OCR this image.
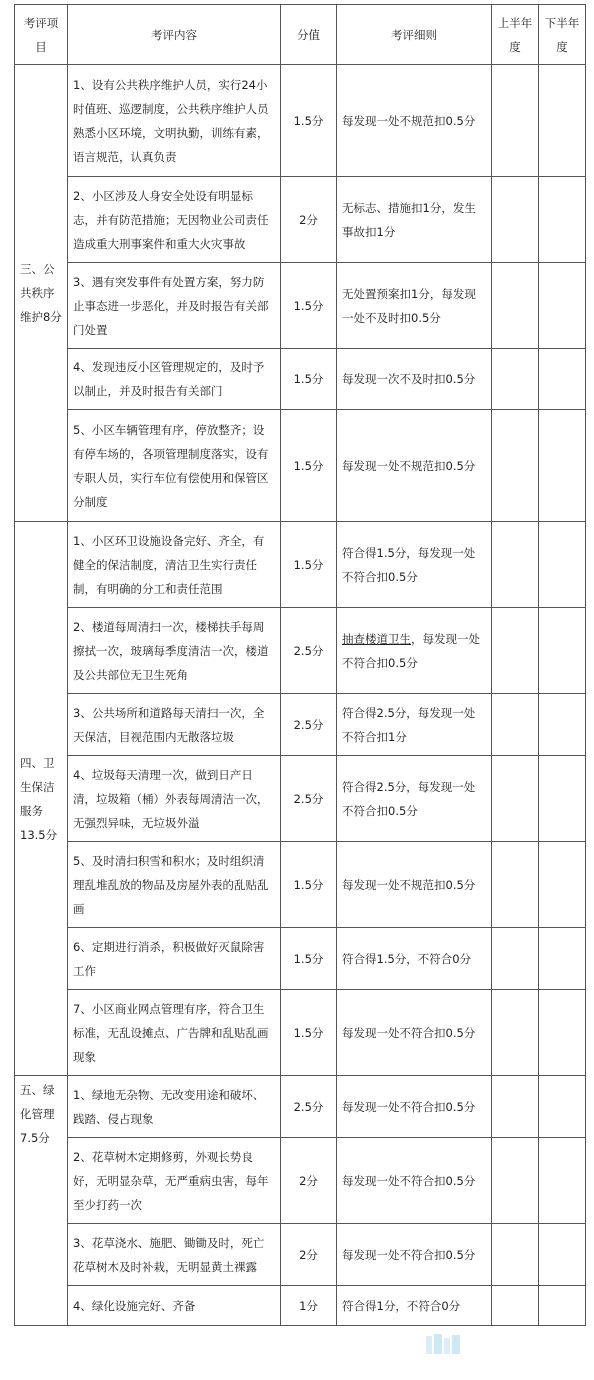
考评项目	考评内容	分值	考评细则	上半年度	下半年度
三、公共秩序维护8分	1、设有公共秩序维护人员，实行24小时值班、巡逻制度，公共秩序维护人员熟悉小区环境，文明执勤，训练有素，语言规范，认真负责	1.5分	每发现一处不规范扣0.5分		
	2、小区涉及人身安全处设有明显标志，并有防范措施；无因物业公司责任造成重大刑事案件和重大火灾事故	2分	无标志、措施扣1分，发生事故扣1分		
	3、遇有突发事件有处置方案，努力防止事态进一步恶化，并及时报告有关部门处置	1.5分	无处置预案扣1分，每发现一处不及时扣0.5分		
	4、发现违反小区管理规定的，及时予以制止，并及时报告有关部门	1.5分	每发现一次不及时扣0.5分		
	5、小区车辆管理有序，停放整齐；设有停车场的，各项管理制度落实，设有专职人员，实行车位有偿使用和保管区分制度	1.5分	每发现一处不规范扣0.5分		
四、卫生保洁服务13.5分	1、小区环卫设施设备完好、齐全，有健全的保洁制度，清洁卫生实行责任制，有明确的分工和责任范围	1.5分	符合得1.5分，每发现一处不符合扣0.5分		
	2、楼道每周清扫一次，楼梯扶手每周擦拭一次，玻璃每季度清洁一次，楼道及公共部位无卫生死角	2.5分	抽查楼道卫生，每发现一处不符合扣0.5分		
	3、公共场所和道路每天清扫一次，全天保洁，目视范围内无散落垃圾	2.5分	符合得2.5分，每发现一处不符合扣1分		
	4、垃圾每天清理一次，做到日产日清，垃圾箱（桶）外表每周清洁一次，无强烈异味，无垃圾外溢	2.5分	符合得2.5分，每发现一处不符合扣0.5分		
	5、及时清扫积雪和积水；及时组织清理乱堆乱放的物品及房屋外表的乱贴乱画	1.5分	每发现一处不规范扣0.5分		
	6、定期进行消杀，积极做好灭鼠除害工作	1.5分	符合得1.5分，不符合0分		
	7、小区商业网点管理有序，符合卫生标准，无乱设摊点、广告牌和乱贴乱画现象	1.5分	每发现一处不符合扣0.5分		
五、绿化管理7.5分	1、绿地无杂物、无改变用途和破坏、践踏、侵占现象	2.5分	每发现一处不符合扣0.5分		
	2、花草树木定期修剪，外观长势良好，无明显杂草，无严重病虫害，每年至少打药一次	2分	每发现一处不符合扣0.5分		
	3、花草浇水、施肥、锄锄及时，死亡花草树木及时补栽，无明显黄土裸露	2分	每发现一处不符合扣0.5分		
	4、绿化设施完好、齐备	1分	符合得1分，不符合0分		
